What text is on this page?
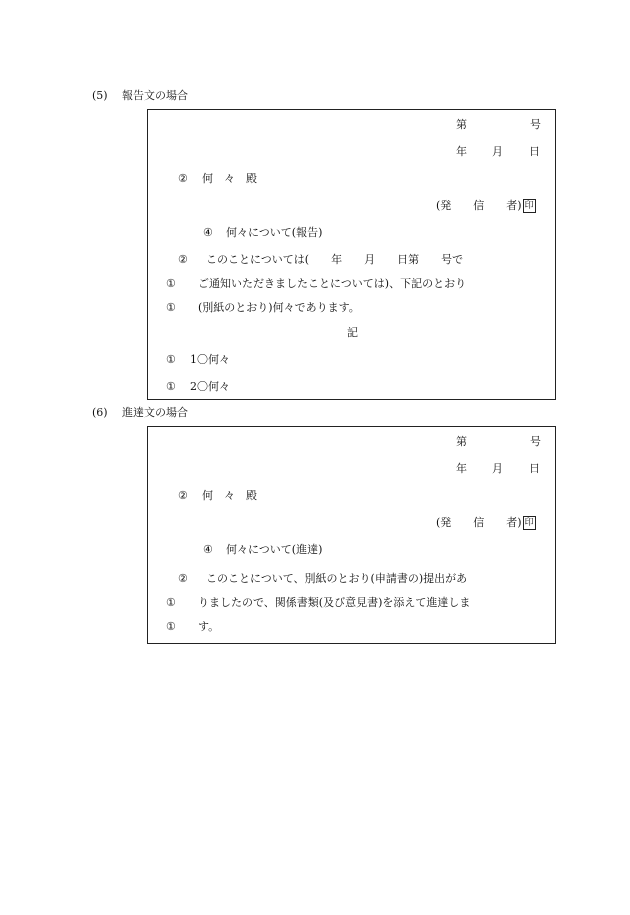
(5) 報告文の場合
第	号
年 月 日
② 何　々　殿
(発 信 者) 印
④ 何々について(報告)
② このことについては(　　年　　月　　日第　　号で
① ご通知いただきましたことについては)、下記のとおり
① (別紙のとおり)何々であります。
記
① 1〇何々
① 2〇何々
(6) 進達文の場合
第	号
年 月 日
② 何　々　殿
(発 信 者) 印
④ 何々について(進達)
② このことについて、別紙のとおり(申請書の)提出があ
① りましたので、関係書類(及び意見書)を添えて進達しま
① す。
